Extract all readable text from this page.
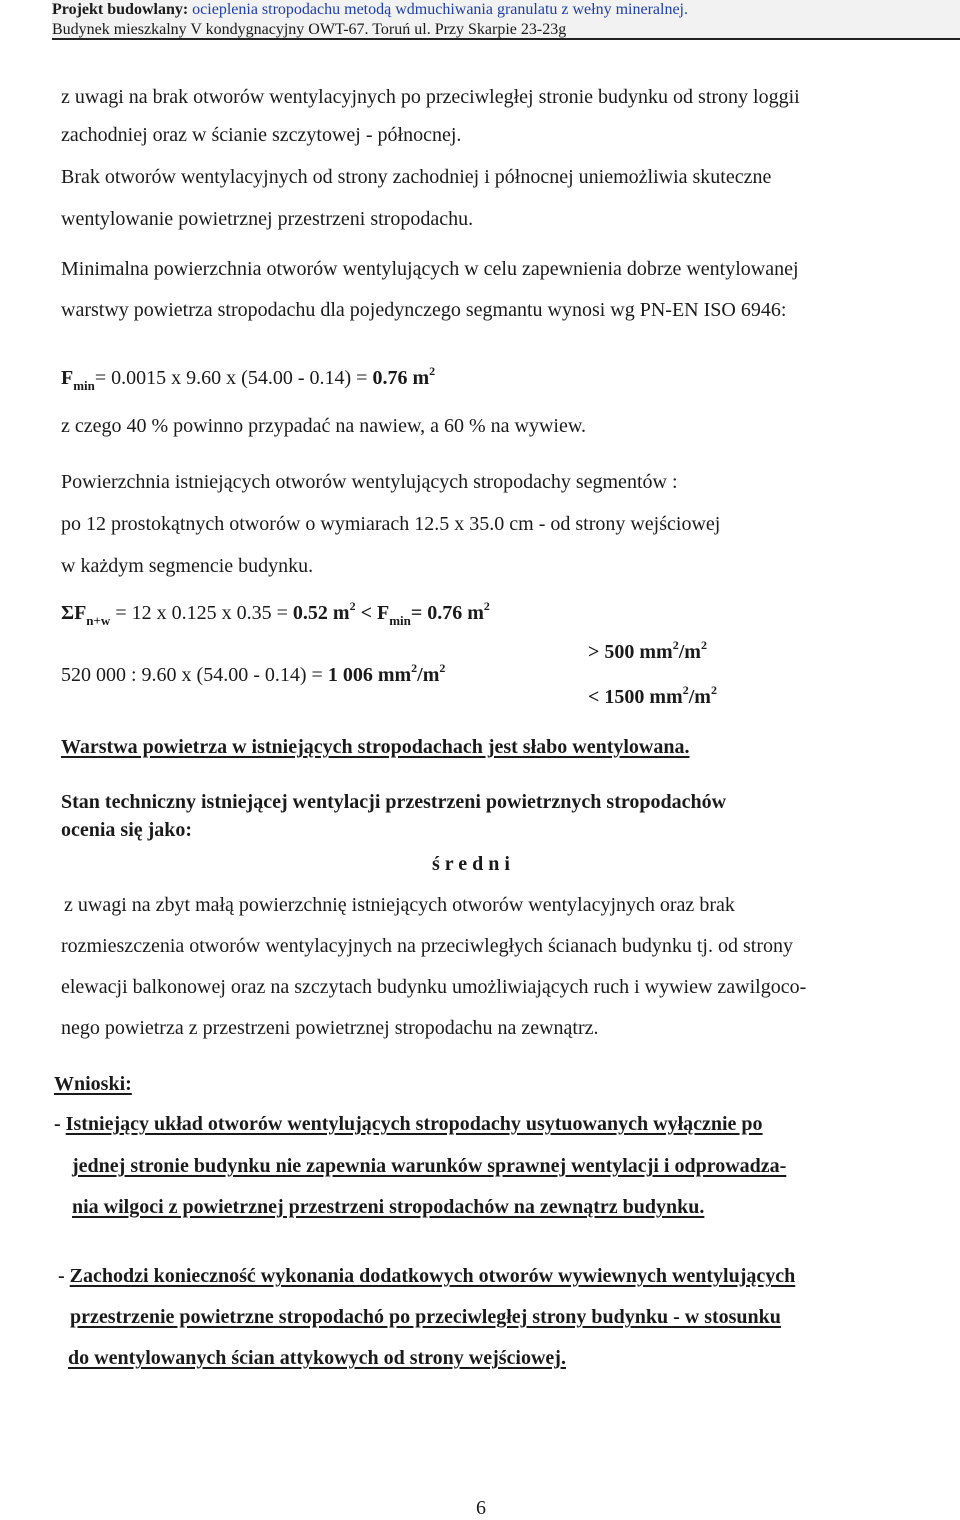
Projekt budowlany: ocieplenia stropodachu metodą wdmuchiwania granulatu z wełny mineralnej.
Budynek mieszkalny V kondygnacyjny OWT-67. Toruń ul. Przy Skarpie 23-23g
z uwagi na brak otworów wentylacyjnych po przeciwległej stronie budynku od strony loggii
zachodniej oraz w ścianie szczytowej - północnej.
Brak otworów wentylacyjnych od strony zachodniej i północnej uniemożliwia skuteczne
wentylowanie powietrznej przestrzeni stropodachu.
Minimalna powierzchnia otworów wentylujących w celu zapewnienia dobrze wentylowanej
warstwy powietrza stropodachu dla pojedynczego segmantu wynosi wg PN-EN ISO 6946:
$F_{min}= 0.0015$ x 9.60 x (54.00 - 0.14) = 0.76 $m^2$
z czego 40 % powinno przypadać na nawiew, a 60 % na wywiew.
Powierzchnia istniejących otworów wentylujących stropodachy segmentów :
po 12 prostokątnych otworów o wymiarach 12.5 x 35.0 cm - od strony wejściowej
w każdym segmencie budynku.
$\Sigma F_{n+w} = 12$ x 0.125 x 0.35 = 0.52 $m^2 < F_{min}= 0.76$ $m^2$
> 500 $mm^2/m^2$
520 000 : 9.60 x (54.00 - 0.14) = 1 006 $mm^2/m^2$
< 1500 $mm^2/m^2$
Warstwa powietrza w istniejących stropodachach jest słabo wentylowana.
Stan techniczny istniejącej wentylacji przestrzeni powietrznych stropodachów
ocenia się jako:
ś r e d n i
z uwagi na zbyt małą powierzchnię istniejących otworów wentylacyjnych oraz brak
rozmieszczenia otworów wentylacyjnych na przeciwległych ścianach budynku tj. od strony
elewacji balkonowej oraz na szczytach budynku umożliwiających ruch i wywiew zawilgoco-
nego powietrza z przestrzeni powietrznej stropodachu na zewnątrz.
Wnioski:
- Istniejący układ otworów wentylujących stropodachy usytuowanych wyłącznie po
jednej stronie budynku nie zapewnia warunków sprawnej wentylacji i odprowadza-
nia wilgoci z powietrznej przestrzeni stropodachów na zewnątrz budynku.
- Zachodzi konieczność wykonania dodatkowych otworów wywiewnych wentylujących
przestrzenie powietrzne stropodachó po przeciwległej strony budynku - w stosunku
do wentylowanych ścian attykowych od strony wejściowej.
6
